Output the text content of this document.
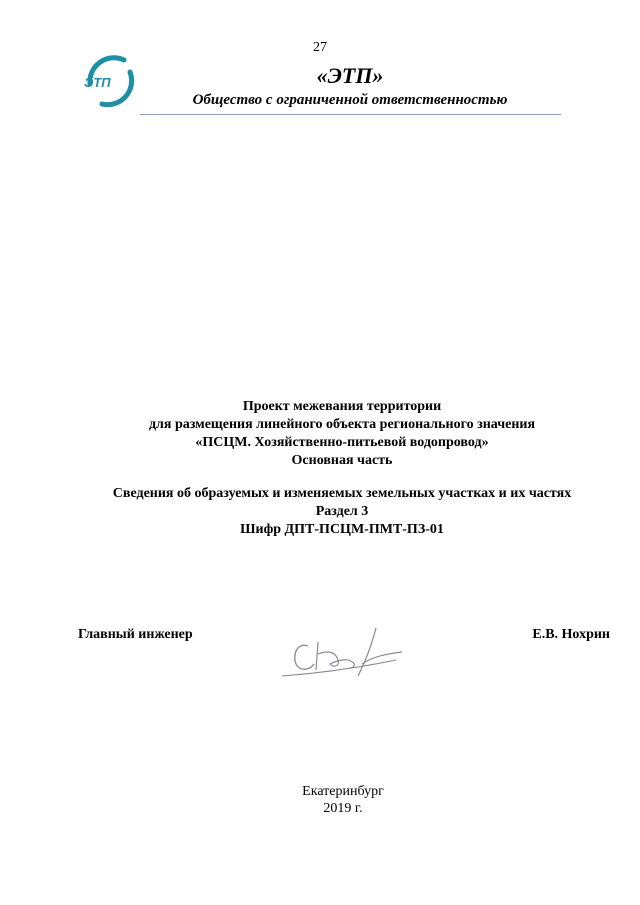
27
ЭТП	«ЭТП»
Общество с ограниченной ответственностью
Проект межевания территории
для размещения линейного объекта регионального значения
«ПСЦМ. Хозяйственно-питьевой водопровод»
Основная часть
Сведения об образуемых и изменяемых земельных участках и их частях
Раздел 3
Шифр ДПТ-ПСЦМ-ПМТ-ПЗ-01
Главный инженер	Е.В. Нохрин
Екатеринбург
2019 г.
